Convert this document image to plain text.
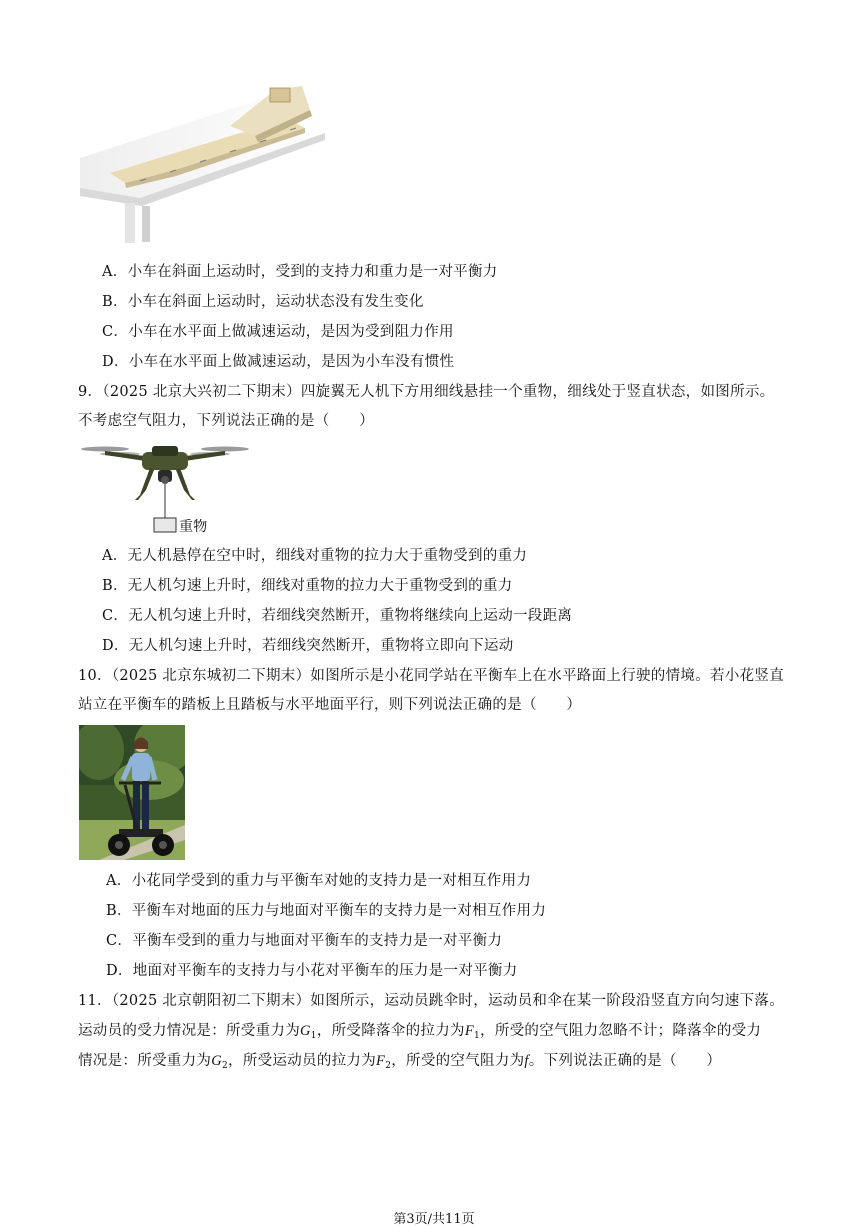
A．小车在斜面上运动时，受到的支持力和重力是一对平衡力
B．小车在斜面上运动时，运动状态没有发生变化
C．小车在水平面上做减速运动，是因为受到阻力作用
D．小车在水平面上做减速运动，是因为小车没有惯性
9．（2025 北京大兴初二下期末）四旋翼无人机下方用细线悬挂一个重物，细线处于竖直状态，如图所示。
不考虑空气阻力，下列说法正确的是（　　）
重物
A．无人机悬停在空中时，细线对重物的拉力大于重物受到的重力
B．无人机匀速上升时，细线对重物的拉力大于重物受到的重力
C．无人机匀速上升时，若细线突然断开，重物将继续向上运动一段距离
D．无人机匀速上升时，若细线突然断开，重物将立即向下运动
10．（2025 北京东城初二下期末）如图所示是小花同学站在平衡车上在水平路面上行驶的情境。若小花竖直
站立在平衡车的踏板上且踏板与水平地面平行，则下列说法正确的是（　　）
A．小花同学受到的重力与平衡车对她的支持力是一对相互作用力
B．平衡车对地面的压力与地面对平衡车的支持力是一对相互作用力
C．平衡车受到的重力与地面对平衡车的支持力是一对平衡力
D．地面对平衡车的支持力与小花对平衡车的压力是一对平衡力
11．（2025 北京朝阳初二下期末）如图所示，运动员跳伞时，运动员和伞在某一阶段沿竖直方向匀速下落。
运动员的受力情况是：所受重力为$G_1$，所受降落伞的拉力为$F_1$，所受的空气阻力忽略不计；降落伞的受力
情况是：所受重力为$G_2$，所受运动员的拉力为$F_2$，所受的空气阻力为f。下列说法正确的是（　　）
第3页/共11页
